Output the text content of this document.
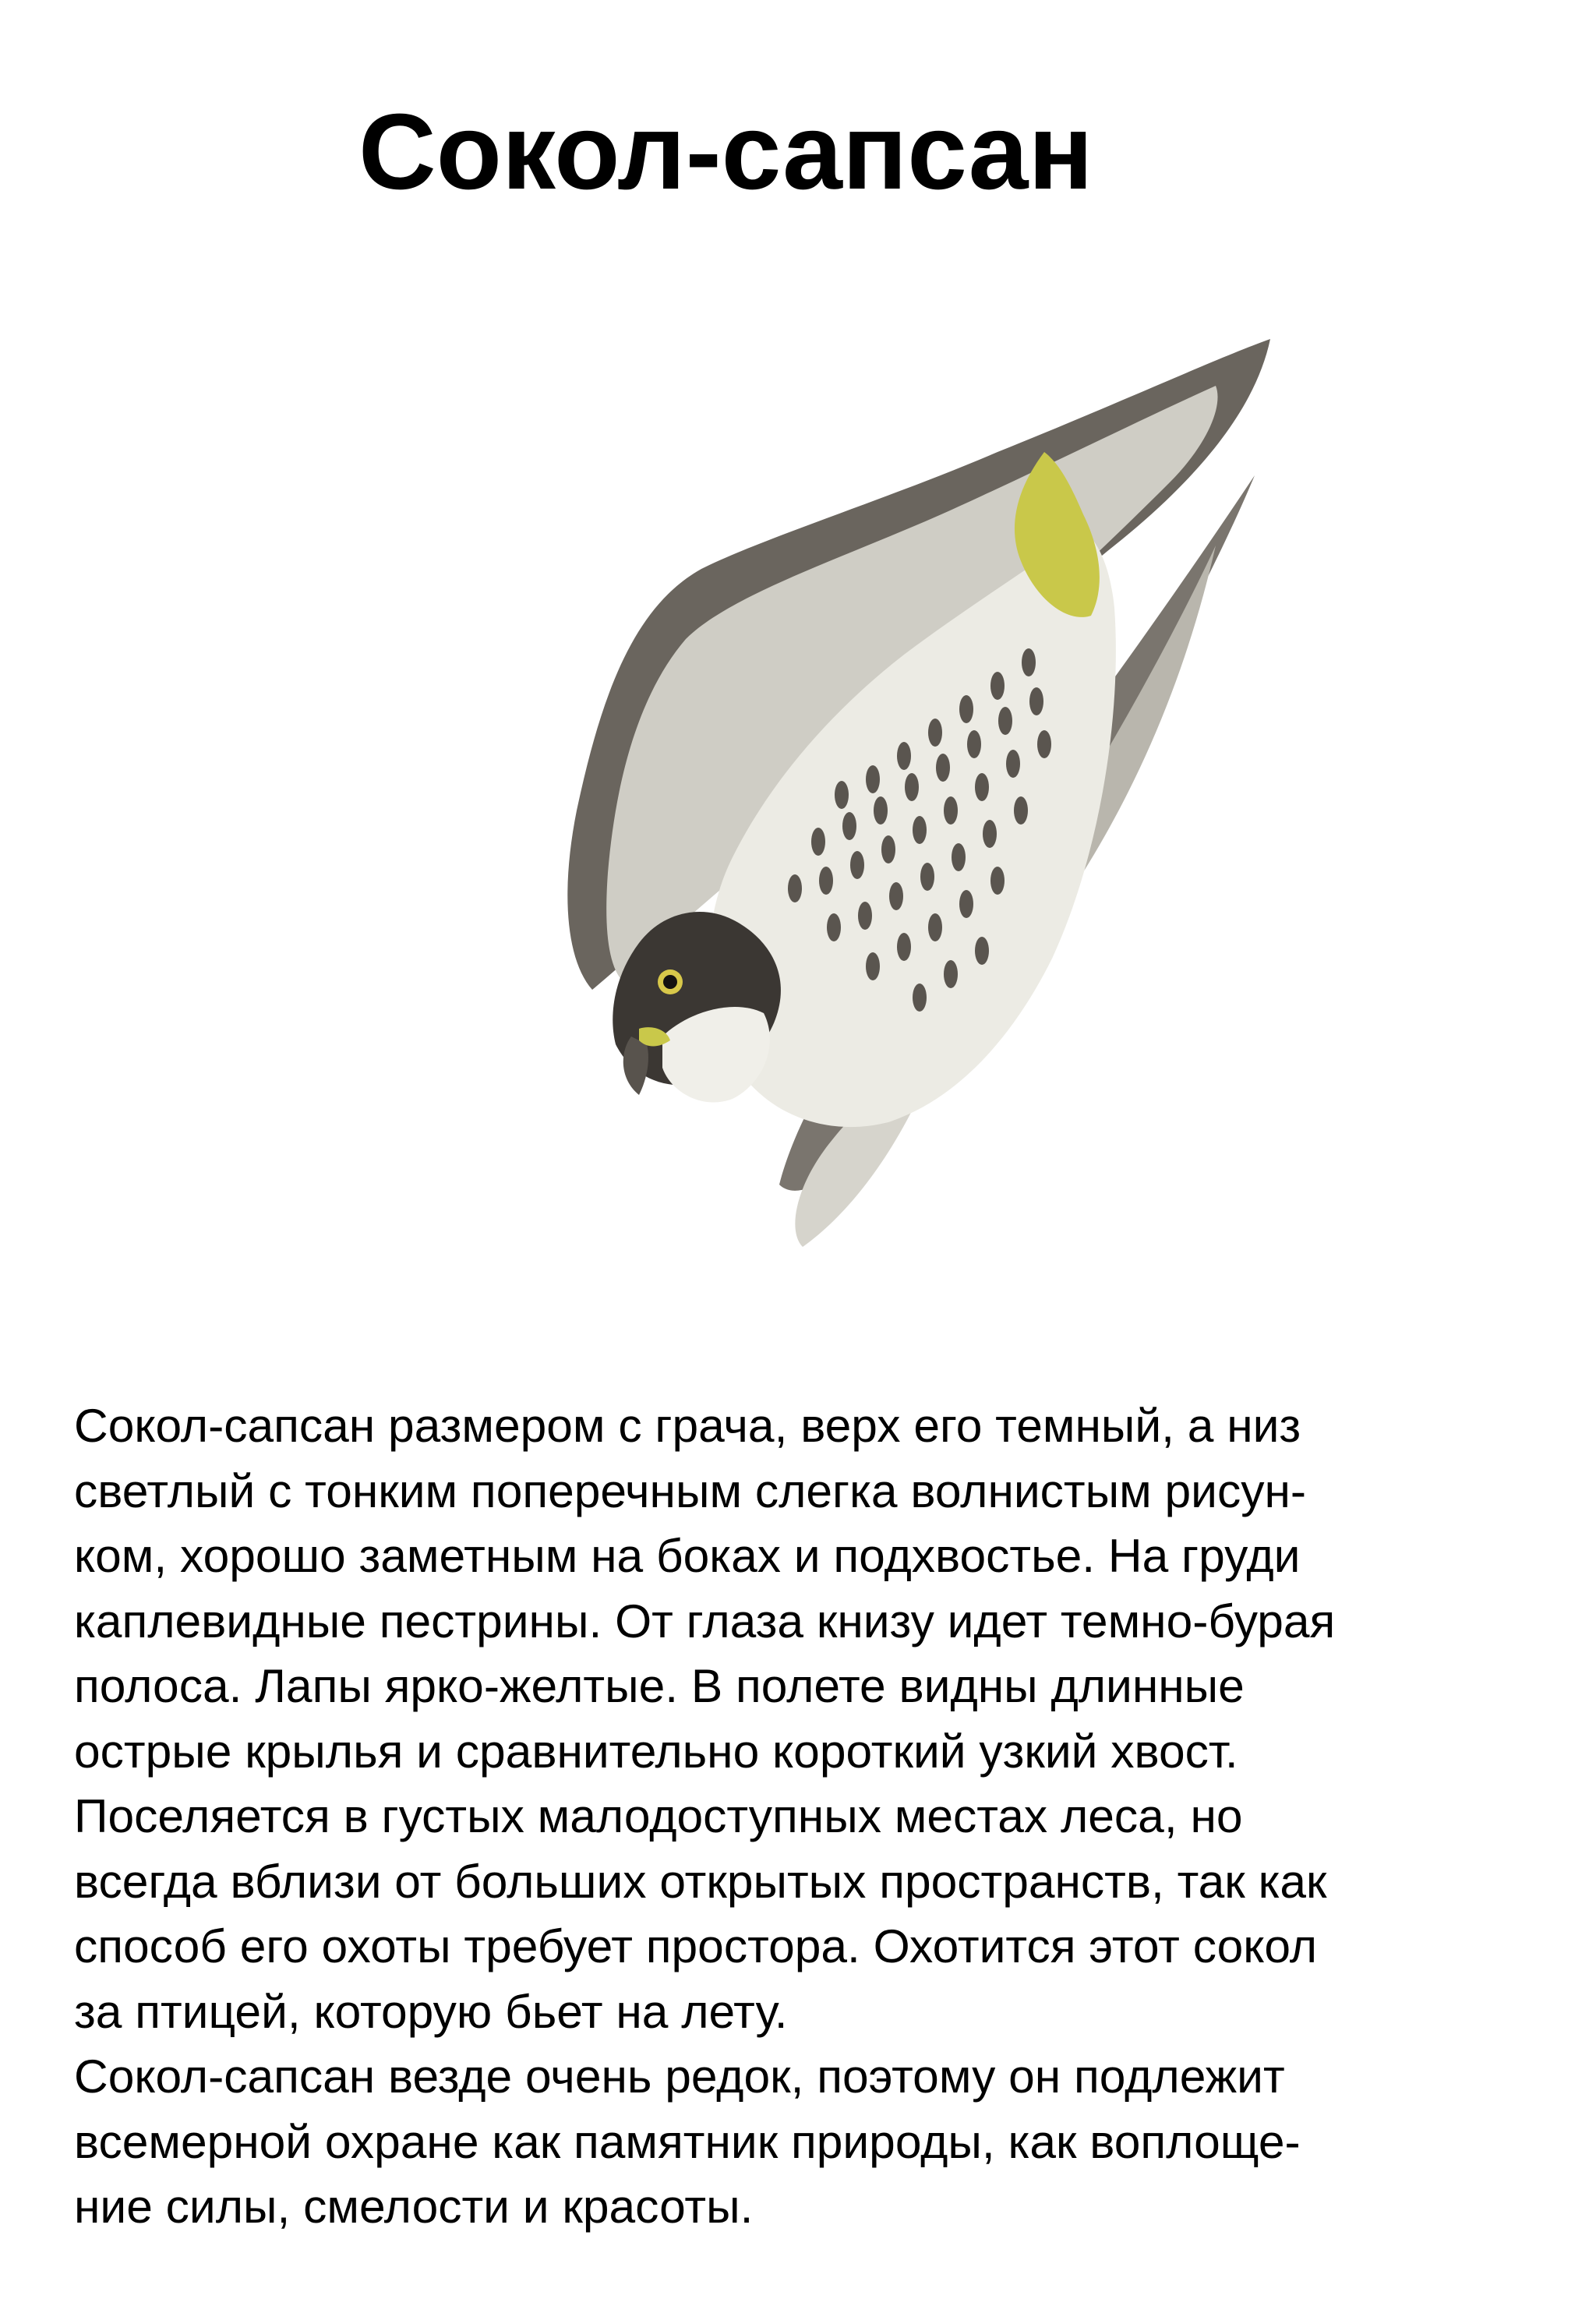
Сокол-сапсан
Сокол-сапсан размером с грача, верх его темный, а низ
светлый с тонким поперечным слегка волнистым рисун-
ком, хорошо заметным на боках и подхвостье. На груди
каплевидные пестрины. От глаза книзу идет темно-бурая
полоса. Лапы ярко-желтые. В полете видны длинные
острые крылья и сравнительно короткий узкий хвост.
Поселяется в густых малодоступных местах леса, но
всегда вблизи от больших открытых пространств, так как
способ его охоты требует простора. Охотится этот сокол
за птицей, которую бьет на лету.
Сокол-сапсан везде очень редок, поэтому он подлежит
всемерной охране как памятник природы, как воплоще-
ние силы, смелости и красоты.
